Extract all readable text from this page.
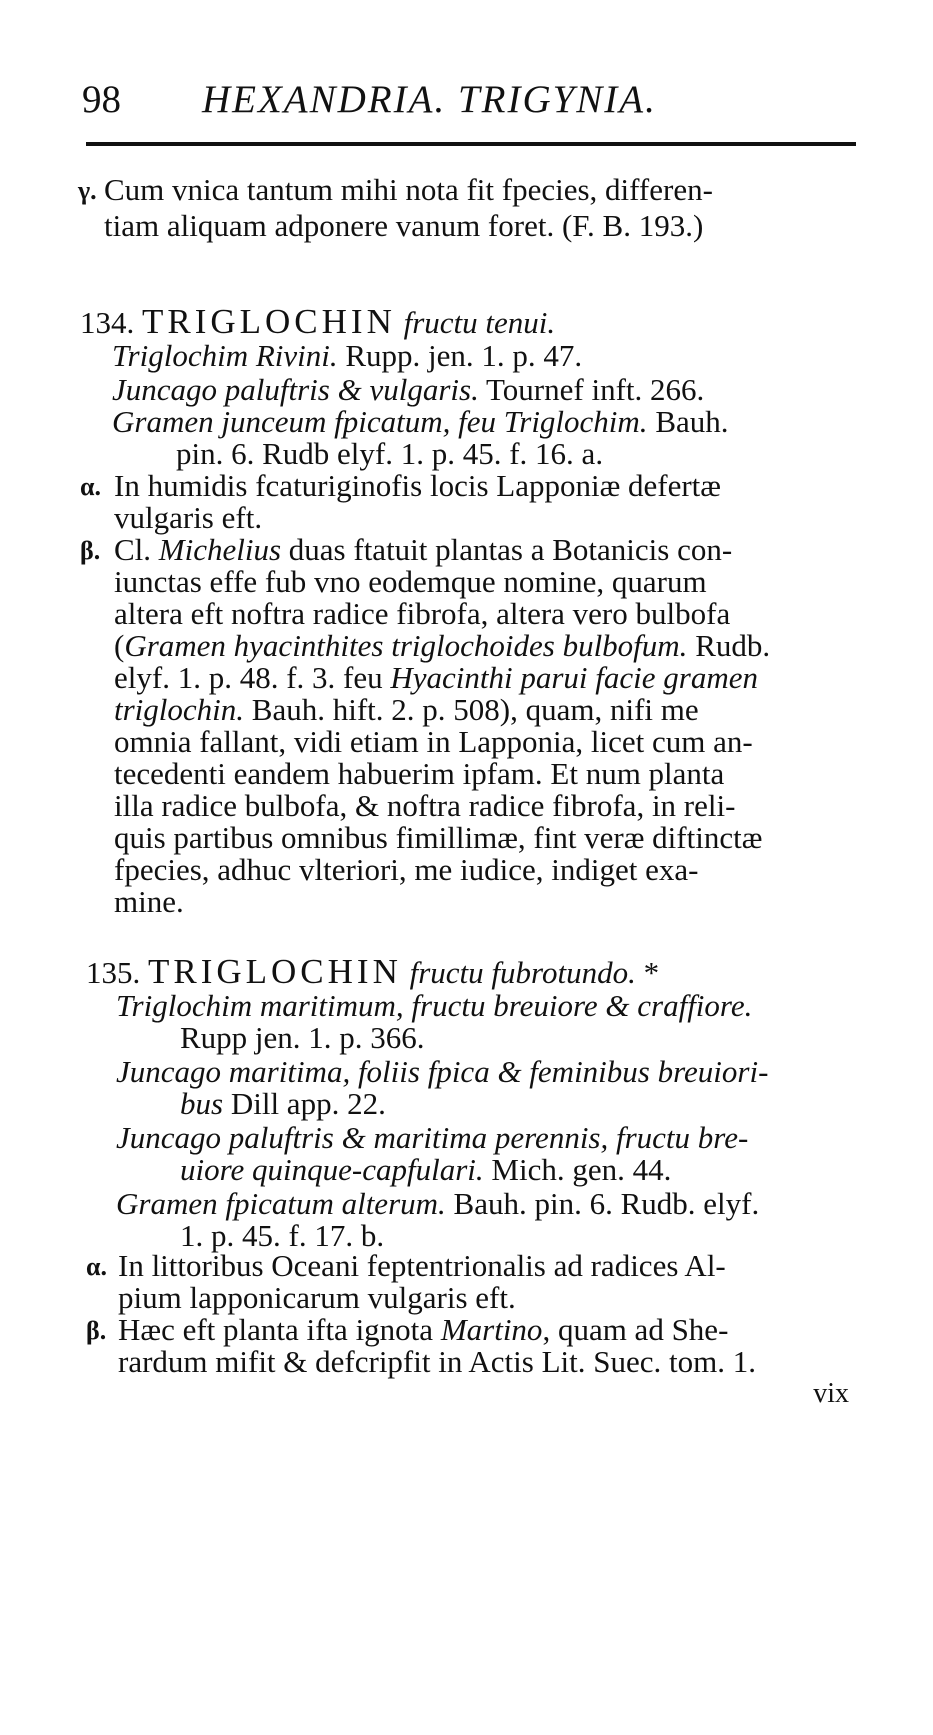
98 HEXANDRIA. TRIGYNIA.
γ. Cum vnica tantum mihi nota fit fpecies, differen-
tiam aliquam adponere vanum foret. (F. B. 193.)
134. TRIGLOCHIN fructu tenui.
Triglochim Rivini. Rupp. jen. 1. p. 47.
Juncago paluftris & vulgaris. Tournef inft. 266.
Gramen junceum fpicatum, feu Triglochim. Bauh.
pin. 6. Rudb elyf. 1. p. 45. f. 16. a.
α. In humidis fcaturiginofis locis Lapponiæ defertæ
vulgaris eft.
β. Cl. Michelius duas ftatuit plantas a Botanicis con-
iunctas effe fub vno eodemque nomine, quarum
altera eft noftra radice fibrofa, altera vero bulbofa
(Gramen hyacinthites triglochoides bulbofum. Rudb.
elyf. 1. p. 48. f. 3. feu Hyacinthi parui facie gramen
triglochin. Bauh. hift. 2. p. 508), quam, nifi me
omnia fallant, vidi etiam in Lapponia, licet cum an-
tecedenti eandem habuerim ipfam. Et num planta
illa radice bulbofa, & noftra radice fibrofa, in reli-
quis partibus omnibus fimillimæ, fint veræ diftinctæ
fpecies, adhuc vlteriori, me iudice, indiget exa-
mine.
135. TRIGLOCHIN fructu fubrotundo. *
Triglochim maritimum, fructu breuiore & craffiore.
Rupp jen. 1. p. 366.
Juncago maritima, foliis fpica & feminibus breuiori-
bus Dill app. 22.
Juncago paluftris & maritima perennis, fructu bre-
uiore quinque-capfulari. Mich. gen. 44.
Gramen fpicatum alterum. Bauh. pin. 6. Rudb. elyf.
1. p. 45. f. 17. b.
α. In littoribus Oceani feptentrionalis ad radices Al-
pium lapponicarum vulgaris eft.
β. Hæc eft planta ifta ignota Martino, quam ad She-
rardum mifit & defcripfit in Actis Lit. Suec. tom. 1.
vix
